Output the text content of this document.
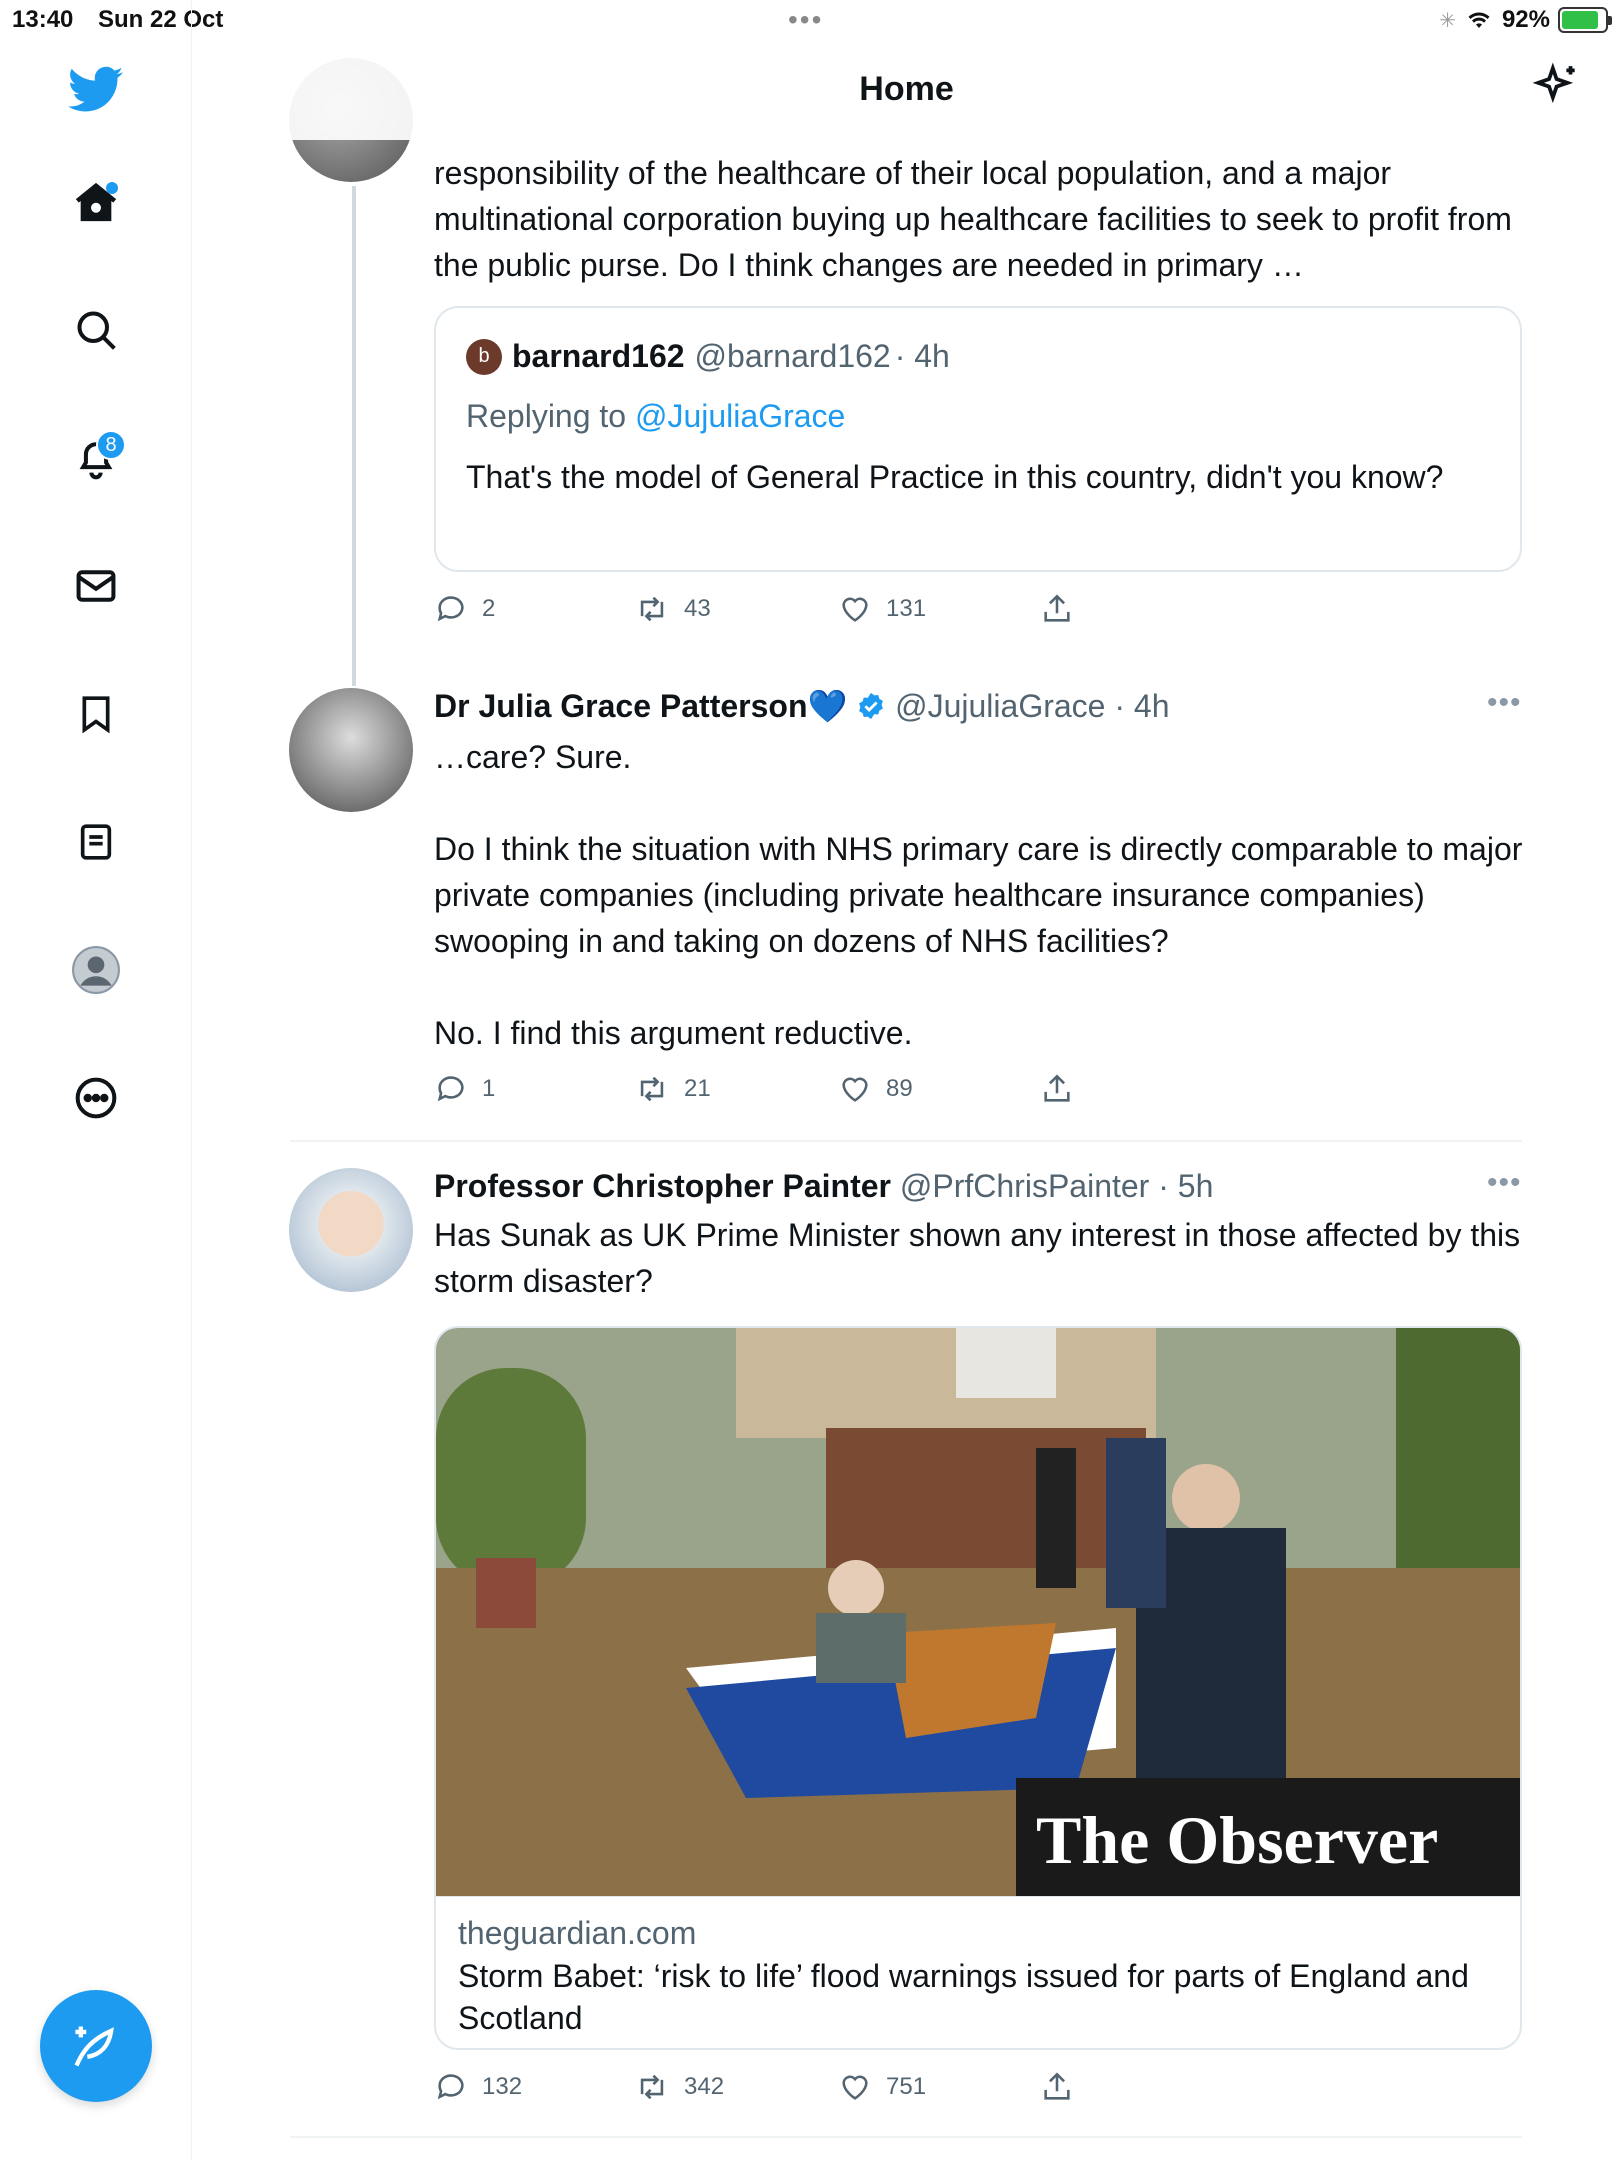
13:40 Sun 22 Oct	•••	✳ 92%
8
Home
responsibility of the healthcare of their local population, and a major multinational corporation buying up healthcare facilities to seek to profit from the public purse. Do I think changes are needed in primary …
b barnard162 @barnard162 · 4h
Replying to @JujuliaGrace
That's the model of General Practice in this country, didn't you know?
2	43	131
Dr Julia Grace Patterson💙 @JujuliaGrace · 4h	•••
…care? Sure.
Do I think the situation with NHS primary care is directly comparable to major private companies (including private healthcare insurance companies) swooping in and taking on dozens of NHS facilities?
No. I find this argument reductive.
1	21	89
Professor Christopher Painter @PrfChrisPainter · 5h	•••
Has Sunak as UK Prime Minister shown any interest in those affected by this storm disaster?
The Observer
theguardian.com
Storm Babet: ‘risk to life’ flood warnings issued for parts of England and Scotland
132	342	751
